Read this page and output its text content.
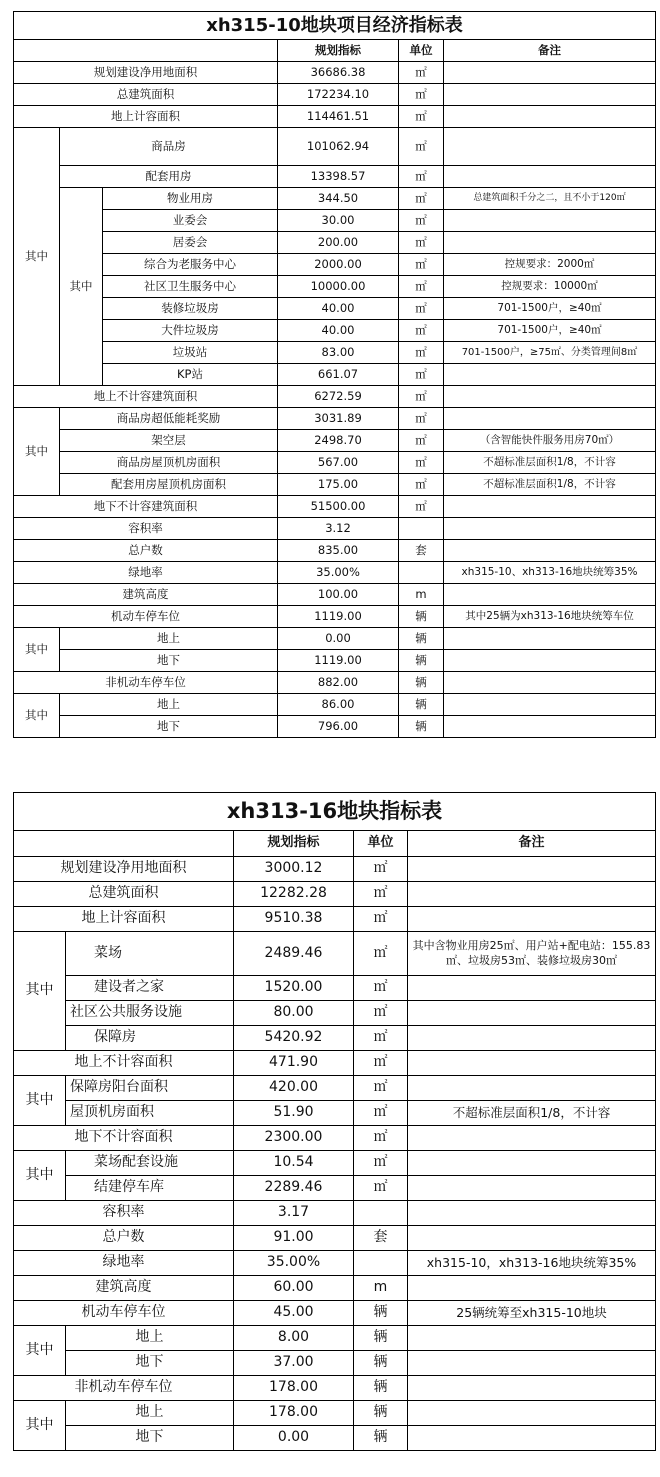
xh315-10地块项目经济指标表					
			规划指标	单位	备注
规划建设净用地面积			36686.38	㎡	
总建筑面积			172234.10	㎡	
地上计容面积			114461.51	㎡	
其中	商品房		101062.94	㎡	
	配套用房		13398.57	㎡	
	其中	物业用房	344.50	㎡	总建筑面积千分之二，且不小于120㎡
		业委会	30.00	㎡	
		居委会	200.00	㎡	
		综合为老服务中心	2000.00	㎡	控规要求：2000㎡
		社区卫生服务中心	10000.00	㎡	控规要求：10000㎡
		装修垃圾房	40.00	㎡	701-1500户，≥40㎡
		大件垃圾房	40.00	㎡	701-1500户，≥40㎡
		垃圾站	83.00	㎡	701-1500户，≥75㎡、分类管理间8㎡
		KP站	661.07	㎡	
地上不计容建筑面积			6272.59	㎡	
其中	商品房超低能耗奖励		3031.89	㎡	
	架空层		2498.70	㎡	（含智能快件服务用房70㎡）
	商品房屋顶机房面积		567.00	㎡	不超标准层面积1/8，不计容
	配套用房屋顶机房面积		175.00	㎡	不超标准层面积1/8，不计容
地下不计容建筑面积			51500.00	㎡	
容积率			3.12		
总户数			835.00	套	
绿地率			35.00%		xh315-10、xh313-16地块统筹35%
建筑高度			100.00	m	
机动车停车位			1119.00	辆	其中25辆为xh313-16地块统筹车位
其中	地上		0.00	辆	
	地下		1119.00	辆	
非机动车停车位			882.00	辆	
其中	地上		86.00	辆	
	地下		796.00	辆	
xh313-16地块指标表				
		规划指标	单位	备注
规划建设净用地面积		3000.12	㎡	
总建筑面积		12282.28	㎡	
地上计容面积		9510.38	㎡	
其中	菜场	2489.46	㎡	其中含物业用房25㎡、用户站+配电站：155.83㎡、垃圾房53㎡、装修垃圾房30㎡
	建设者之家	1520.00	㎡	
	社区公共服务设施	80.00	㎡	
	保障房	5420.92	㎡	
地上不计容面积		471.90	㎡	
其中	保障房阳台面积	420.00	㎡	
	屋顶机房面积	51.90	㎡	不超标准层面积1/8，不计容
地下不计容面积		2300.00	㎡	
其中	菜场配套设施	10.54	㎡	
	结建停车库	2289.46	㎡	
容积率		3.17		
总户数		91.00	套	
绿地率		35.00%		xh315-10，xh313-16地块统筹35%
建筑高度		60.00	m	
机动车停车位		45.00	辆	25辆统筹至xh315-10地块
其中	地上	8.00	辆	
	地下	37.00	辆	
非机动车停车位		178.00	辆	
其中	地上	178.00	辆	
	地下	0.00	辆	
